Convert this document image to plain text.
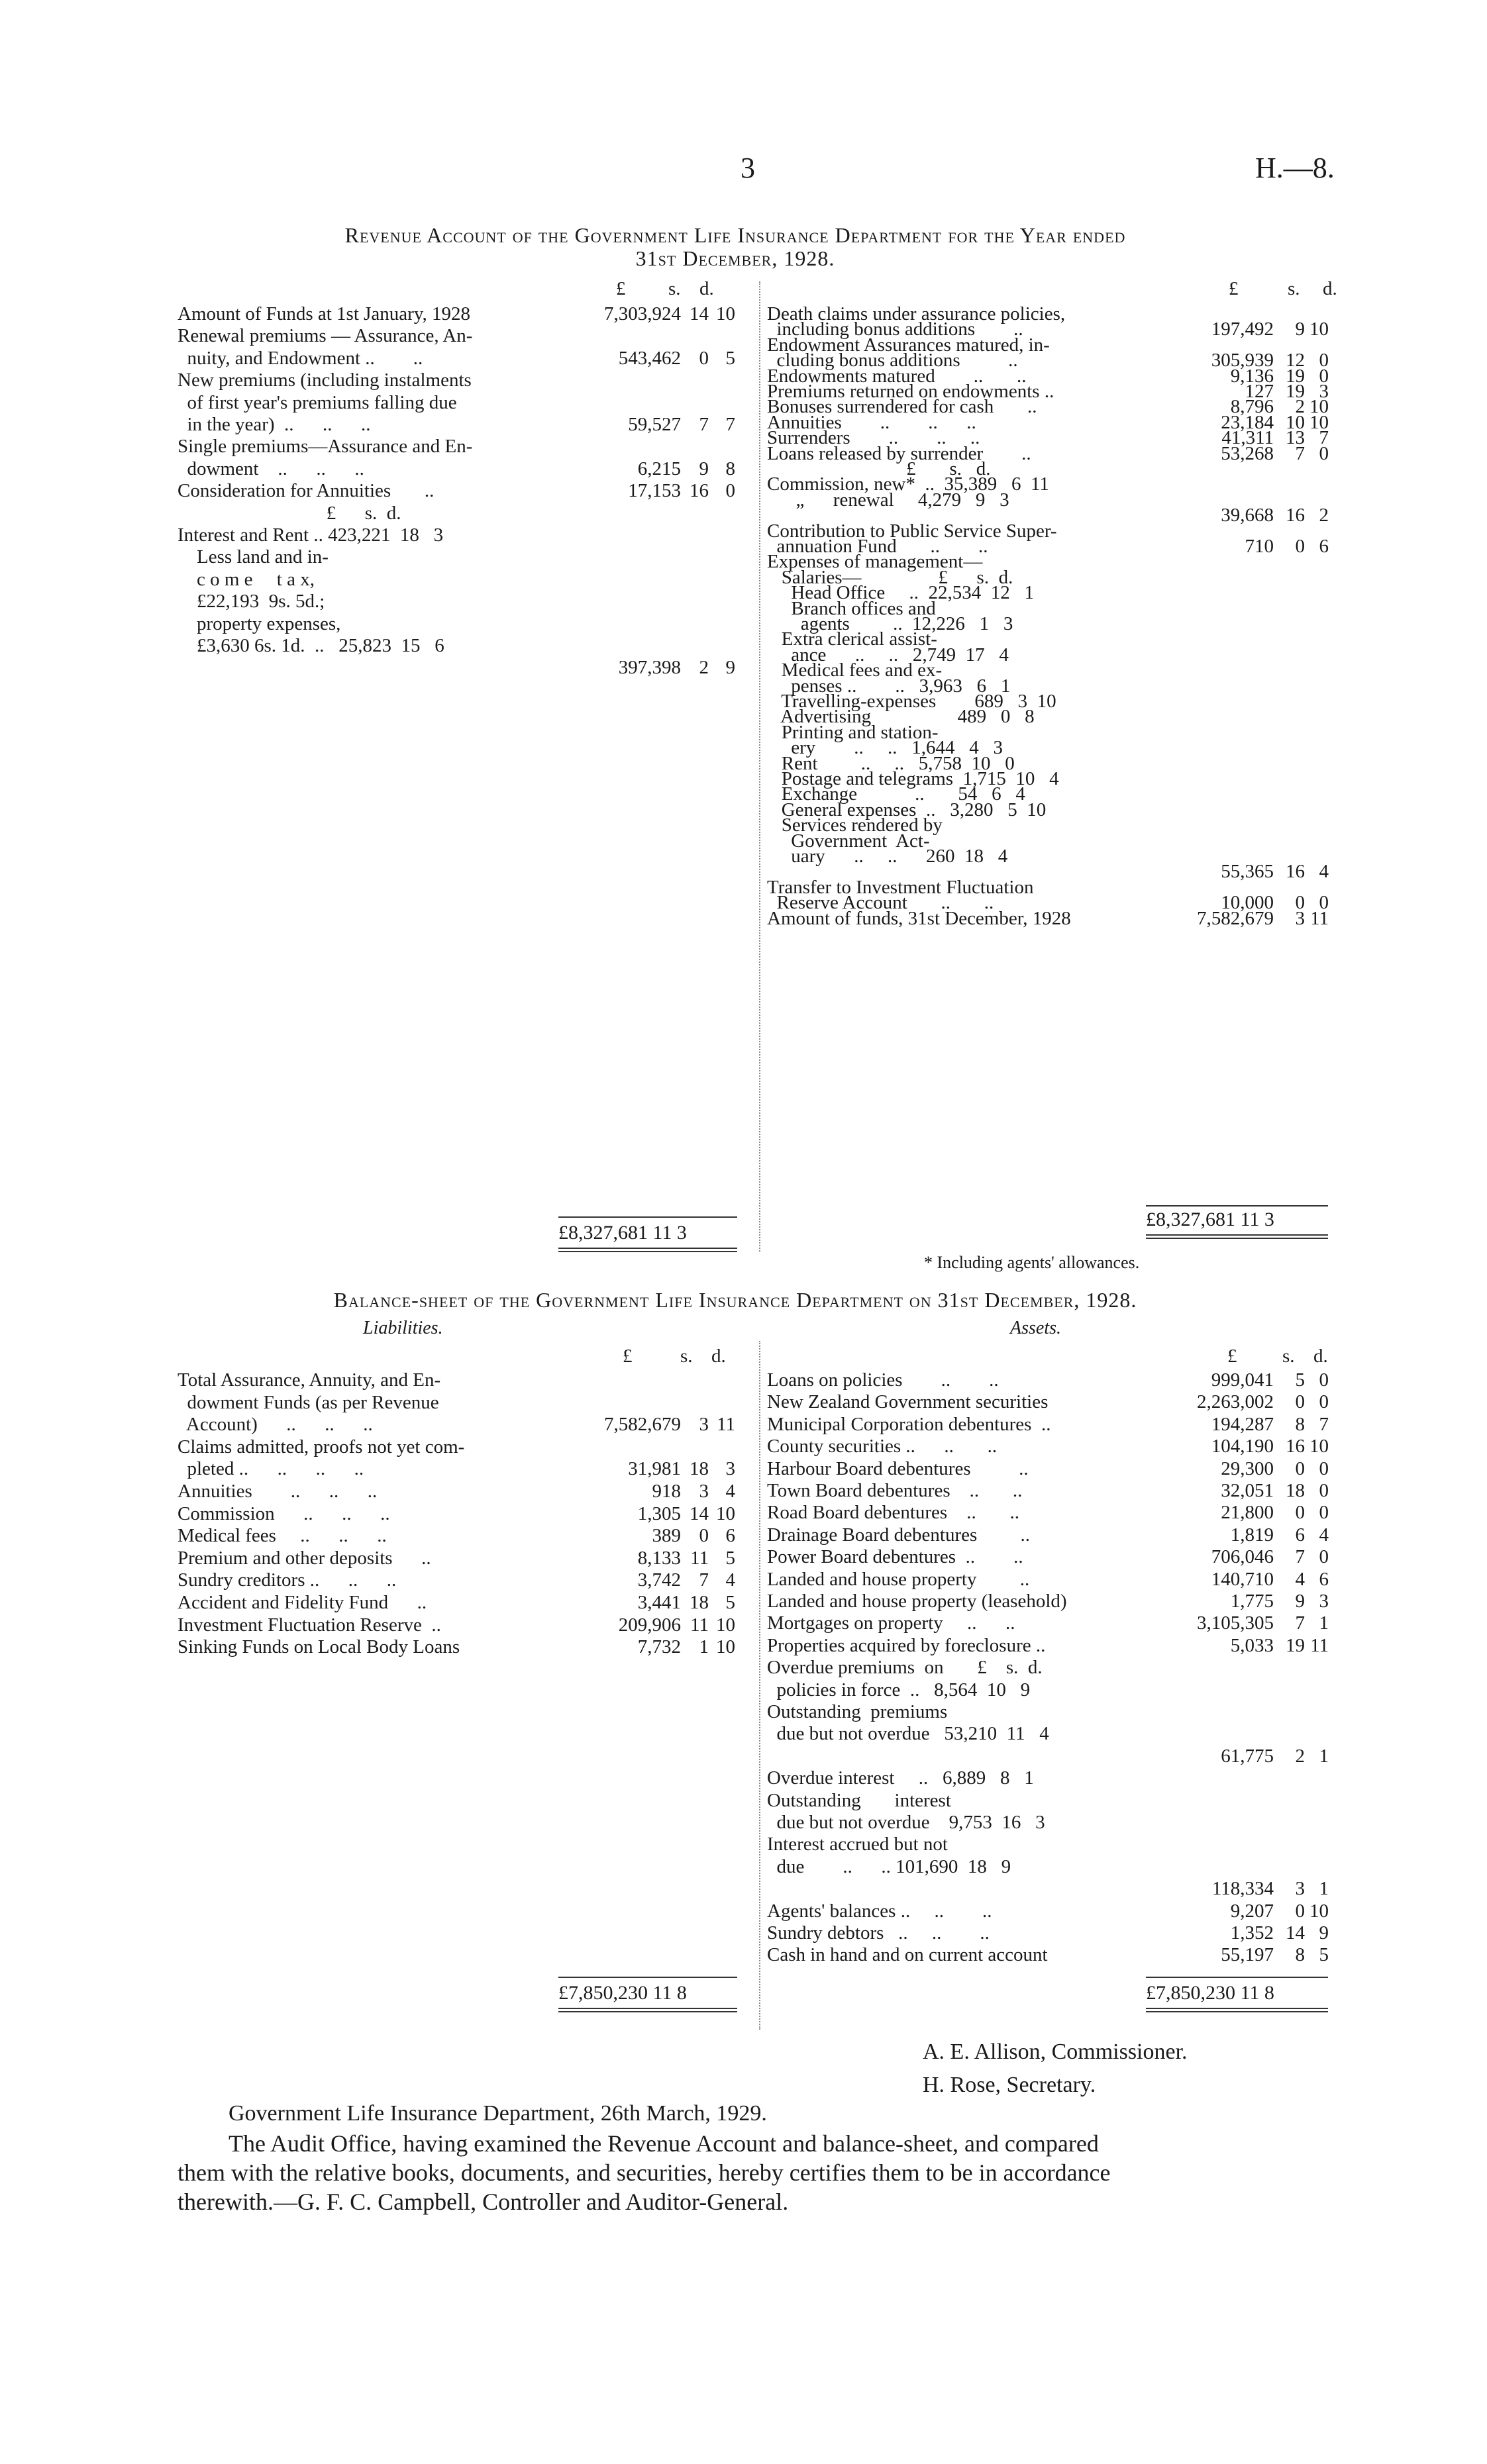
3	H.—8.
Revenue Account of the Government Life Insurance Department for the Year ended
31st December, 1928.
£ s. d.	£	s. d.
Amount of Funds at 1st January, 1928	7,303,924 14 10
Renewal premiums — Assurance, An-
nuity, and Endowment ..        ..	543,462 0 5
New premiums (including instalments
of first year's premiums falling due
in the year)  ..      ..      ..	59,527 7 7
Single premiums—Assurance and En-
dowment    ..      ..      ..	6,215 9 8
Consideration for Annuities       ..	17,153 16 0
£      s.  d.
Interest and Rent .. 423,221  18   3
Less land and in-
c o m e     t a x,
£22,193  9s. 5d.;
property expenses,
£3,630 6s. 1d.  ..   25,823  15   6
397,398 2 9
£8,327,681 11 3
Death claims under assurance policies,
including bonus additions        ..	197,492 9 10
Endowment Assurances matured, in-
cluding bonus additions          ..	305,939 12 0
Endowments matured        ..       ..	9,136 19 0
Premiums returned on endowments ..	127 19 3
Bonuses surrendered for cash       ..	8,796 2 10
Annuities        ..        ..      ..	23,184 10 10
Surrenders        ..        ..     ..	41,311 13 7
Loans released by surrender        ..	53,268 7 0
£       s.   d.
Commission, new*  ..  35,389   6  11
„      renewal     4,279   9   3
39,668 16 2
Contribution to Public Service Super-
annuation Fund       ..        ..	710 0 6
Expenses of management—
Salaries—                £      s.  d.
Head Office     ..  22,534  12   1
Branch offices and
agents         ..  12,226   1   3
Extra clerical assist-
ance      ..     ..   2,749  17   4
Medical fees and ex-
penses ..        ..   3,963   6   1
Travelling-expenses        689   3  10
Advertising                  489   0   8
Printing and station-
ery        ..     ..   1,644   4   3
Rent         ..     ..   5,758  10   0
Postage and telegrams  1,715  10   4
Exchange            ..       54   6   4
General expenses  ..   3,280   5  10
Services rendered by
Government  Act-
uary      ..     ..      260  18   4
55,365 16 4
Transfer to Investment Fluctuation
Reserve Account       ..       ..	10,000 0 0
Amount of funds, 31st December, 1928	7,582,679 3 11
£8,327,681 11 3
* Including agents' allowances.
Balance-sheet of the Government Life Insurance Department on 31st December, 1928.
Liabilities.	Assets.
£	s. d.	£ s. d.
Total Assurance, Annuity, and En-
dowment Funds (as per Revenue
Account)      ..      ..      ..	7,582,679 3 11
Claims admitted, proofs not yet com-
pleted ..      ..      ..      ..	31,981 18 3
Annuities        ..      ..      ..	918 3 4
Commission      ..      ..      ..	1,305 14 10
Medical fees     ..      ..      ..	389 0 6
Premium and other deposits      ..	8,133 11 5
Sundry creditors ..      ..      ..	3,742 7 4
Accident and Fidelity Fund      ..	3,441 18 5
Investment Fluctuation Reserve  ..	209,906 11 10
Sinking Funds on Local Body Loans	7,732 1 10
£7,850,230 11 8
Loans on policies        ..        ..	999,041 5 0
New Zealand Government securities	2,263,002 0 0
Municipal Corporation debentures  ..	194,287 8 7
County securities ..      ..       ..	104,190 16 10
Harbour Board debentures          ..	29,300 0 0
Town Board debentures    ..       ..	32,051 18 0
Road Board debentures    ..       ..	21,800 0 0
Drainage Board debentures         ..	1,819 6 4
Power Board debentures  ..        ..	706,046 7 0
Landed and house property         ..	140,710 4 6
Landed and house property (leasehold)	1,775 9 3
Mortgages on property     ..      ..	3,105,305 7 1
Properties acquired by foreclosure ..	5,033 19 11
Overdue premiums  on       £    s.  d.
policies in force  ..   8,564  10   9
Outstanding  premiums
due but not overdue   53,210  11   4
61,775 2 1
Overdue interest     ..   6,889   8   1
Outstanding       interest
due but not overdue    9,753  16   3
Interest accrued but not
due        ..      .. 101,690  18   9
118,334 3 1
Agents' balances ..     ..        ..	9,207 0 10
Sundry debtors   ..     ..        ..	1,352 14 9
Cash in hand and on current account	55,197 8 5
£7,850,230 11 8
A. E. Allison, Commissioner.
H. Rose, Secretary.
Government Life Insurance Department, 26th March, 1929.
The Audit Office, having examined the Revenue Account and balance-sheet, and compared
them with the relative books, documents, and securities, hereby certifies them to be in accordance
therewith.—G. F. C. Campbell, Controller and Auditor-General.
